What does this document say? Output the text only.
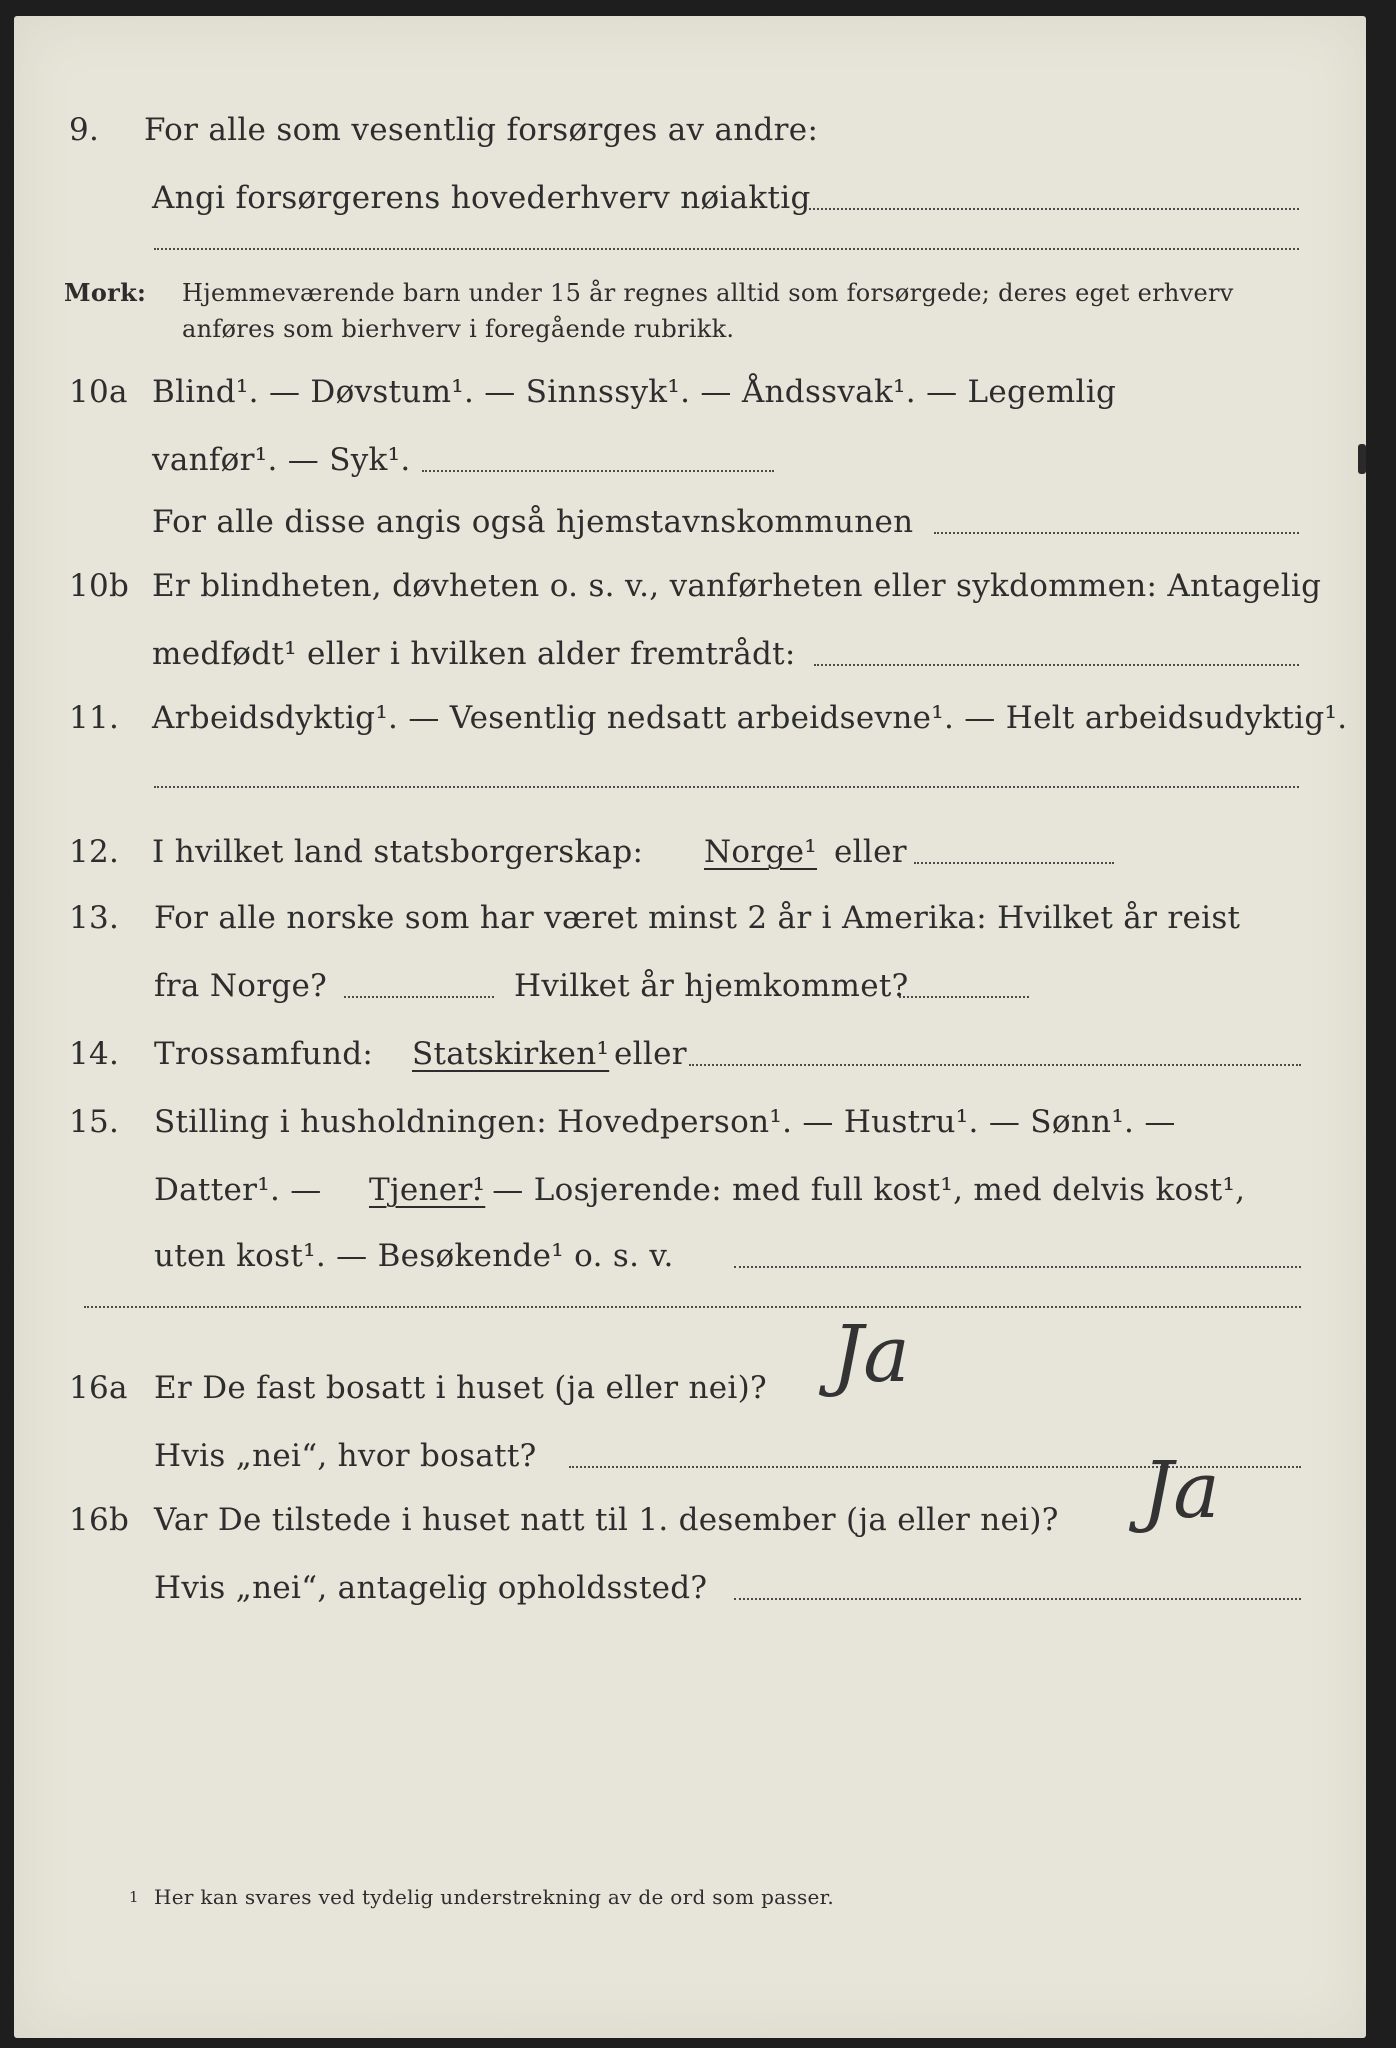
9. For alle som vesentlig forsørges av andre:
Angi forsørgerens hovederhverv nøiaktig
Mork: Hjemmeværende barn under 15 år regnes alltid som forsørgede; deres eget erhverv
anføres som bierhverv i foregående rubrikk.
10a Blind¹. — Døvstum¹. — Sinnssyk¹. — Åndssvak¹. — Legemlig
vanfør¹. — Syk¹.
For alle disse angis også hjemstavnskommunen
10b Er blindheten, døvheten o. s. v., vanførheten eller sykdommen: Antagelig
medfødt¹ eller i hvilken alder fremtrådt:
11. Arbeidsdyktig¹. — Vesentlig nedsatt arbeidsevne¹. — Helt arbeidsudyktig¹.
12. I hvilket land statsborgerskap: Norge¹ eller
13. For alle norske som har været minst 2 år i Amerika: Hvilket år reist
fra Norge?	Hvilket år hjemkommet?
14. Trossamfund: Statskirken¹ eller
15. Stilling i husholdningen: Hovedperson¹. — Hustru¹. — Sønn¹. —
Datter¹. — Tjener¹
. — Losjerende: med full kost¹, med delvis kost¹,
uten kost¹. — Besøkende¹ o. s. v.
16a Er De fast bosatt i huset (ja eller nei)? Ja
Hvis „nei“, hvor bosatt?
16b Var De tilstede i huset natt til 1. desember (ja eller nei)? Ja
Hvis „nei“, antagelig opholdssted?
1 Her kan svares ved tydelig understrekning av de ord som passer.
